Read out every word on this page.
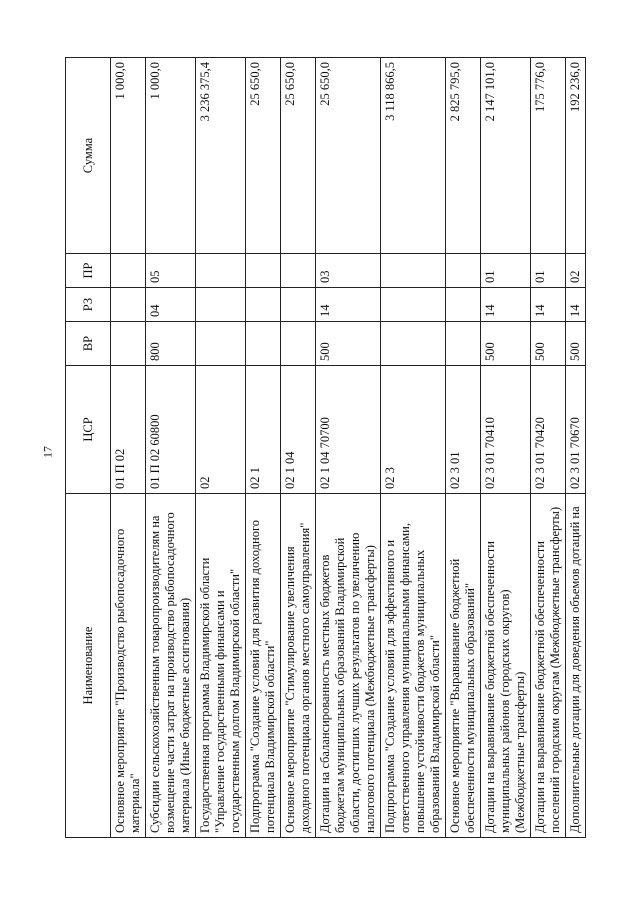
17
Наименование	ЦСР	ВР	РЗ	ПР	Сумма
Основное мероприятие "Производство рыбопосадочного материала"	01 П 02				1 000,0
Субсидии сельскохозяйственным товаропроизводителям на возмещение части затрат на производство рыбопосадочного материала (Иные бюджетные ассигнования)	01 П 02 60800	800	04	05	1 000,0
Государственная программа Владимирской области "Управление государственными финансами и государственным долгом Владимирской области"	02				3 236 375,4
Подпрограмма "Создание условий для развития доходного потенциала Владимирской области"	02 1				25 650,0
Основное мероприятие "Стимулирование увеличения доходного потенциала органов местного самоуправления"	02 1 04				25 650,0
Дотации на сбалансированность местных бюджетов бюджетам муниципальных образований Владимирской области, достигших лучших результатов по увеличению налогового потенциала (Межбюджетные трансферты)	02 1 04 70700	500	14	03	25 650,0
Подпрограмма "Создание условий для эффективного и ответственного управления муниципальными финансами, повышение устойчивости бюджетов муниципальных образований Владимирской области"	02 3				3 118 866,5
Основное мероприятие "Выравнивание бюджетной обеспеченности муниципальных образований"	02 3 01				2 825 795,0
Дотации на выравнивание бюджетной обеспеченности муниципальных районов (городских округов) (Межбюджетные трансферты)	02 3 01 70410	500	14	01	2 147 101,0
Дотации на выравнивание бюджетной обеспеченности поселений городским округам (Межбюджетные трансферты)	02 3 01 70420	500	14	01	175 776,0
Дополнительные дотации для доведения объемов дотаций на	02 3 01 70670	500	14	02	192 236,0
